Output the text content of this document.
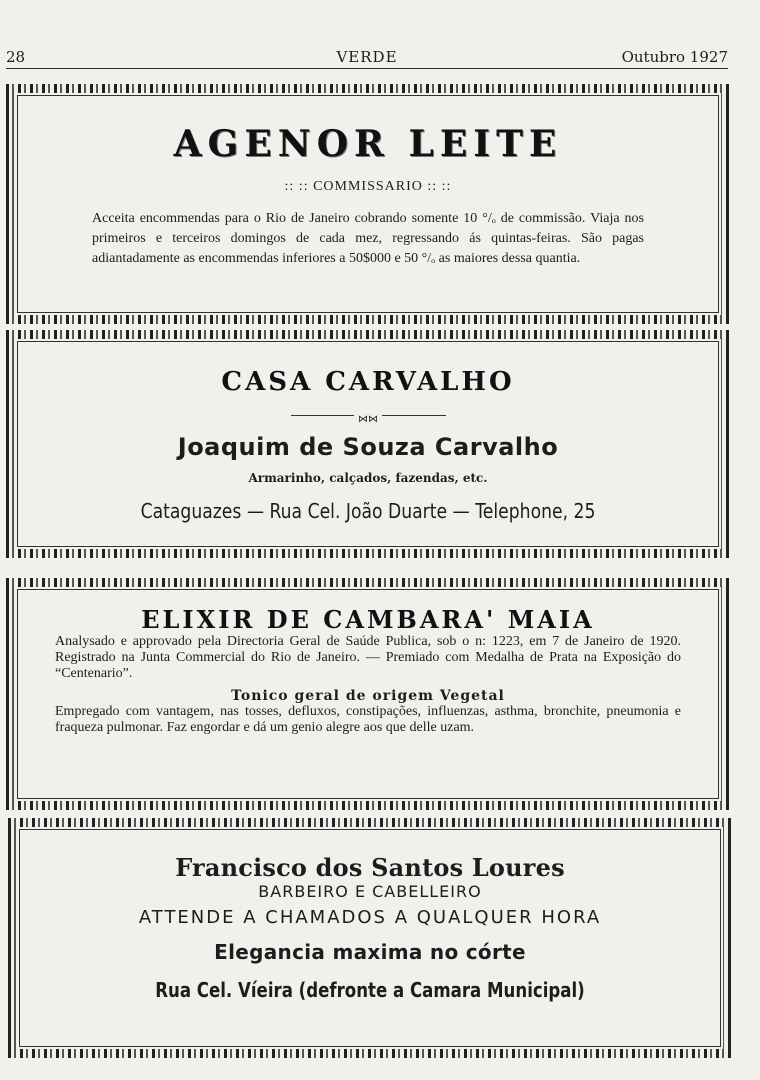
28	VERDE	Outubro 1927
AGENOR LEITE
:: :: COMMISSARIO :: ::

Acceita encommendas para o Rio de Janeiro cobrando somente 10 °/ₒ de commissão. Viaja nos primeiros e terceiros domingos de cada mez, regressando ás quintas-feiras. São pagas adiantadamente as encommendas inferiores a 50$000 e 50 °/ₒ as maiores dessa quantia.

CASA CARVALHO
⋈⋈
Joaquim de Souza Carvalho
Armarinho, calçados, fazendas, etc.
Cataguazes — Rua Cel. João Duarte — Telephone, 25
ELIXIR DE CAMBARA' MAIA

Analysado e approvado pela Directoria Geral de Saúde Publica, sob o n: 1223, em 7 de Janeiro de 1920. Registrado na Junta Commercial do Rio de Janeiro. — Premiado com Medalha de Prata na Exposição do “Centenario”.

Tonico geral de origem Vegetal

Empregado com vantagem, nas tosses, defluxos, constipações, influenzas, asthma, bronchite, pneumonia e fraqueza pulmonar. Faz engordar e dá um genio alegre aos que delle uzam.

Francisco dos Santos Loures
BARBEIRO E CABELLEIRO
ATTENDE A CHAMADOS A QUALQUER HORA
Elegancia maxima no córte
Rua Cel. Víeira (defronte a Camara Municipal)
